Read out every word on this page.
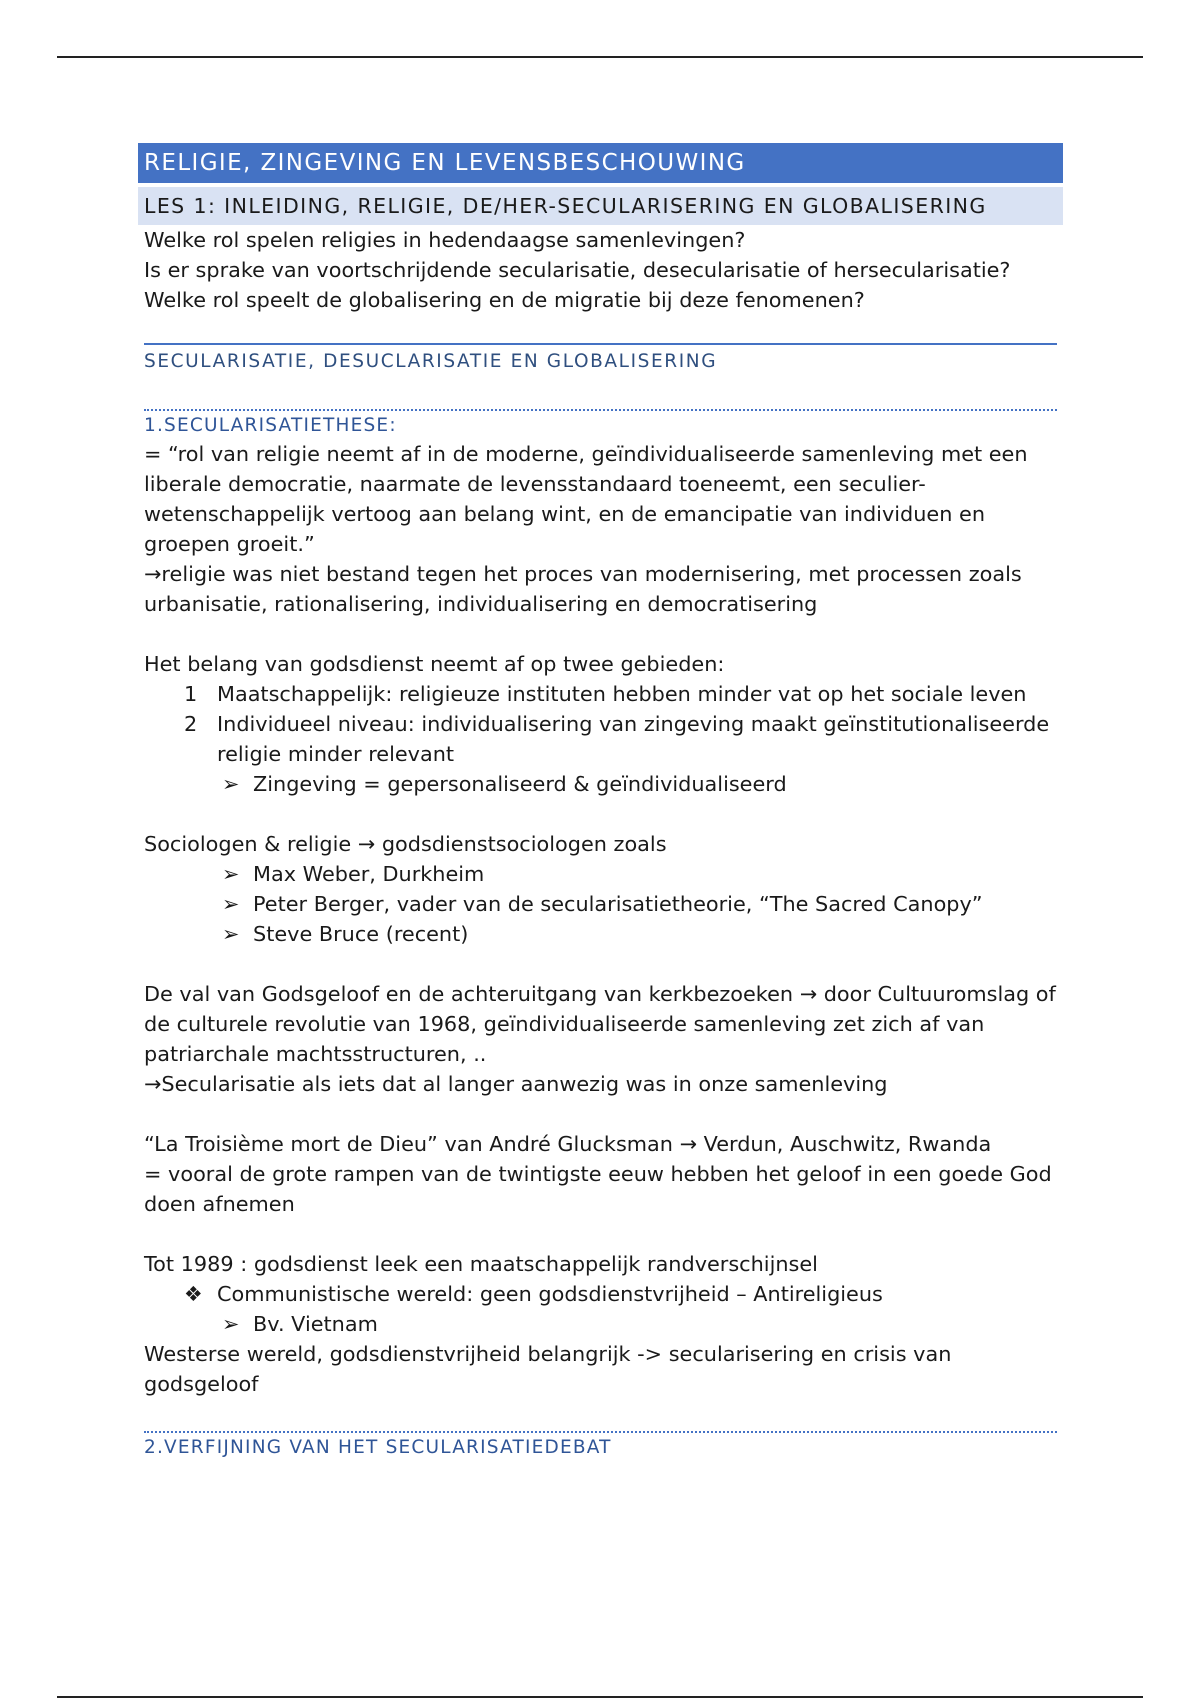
RELIGIE, ZINGEVING EN LEVENSBESCHOUWING
LES 1: INLEIDING, RELIGIE, DE/HER-SECULARISERING EN GLOBALISERING

Welke rol spelen religies in hedendaagse samenlevingen?

Is er sprake van voortschrijdende secularisatie, desecularisatie of hersecularisatie?

Welke rol speelt de globalisering en de migratie bij deze fenomenen?

SECULARISATIE, DESUCLARISATIE EN GLOBALISERING
1.SECULARISATIETHESE:

= “rol van religie neemt af in de moderne, geïndividualiseerde samenleving met een liberale democratie, naarmate de levensstandaard toeneemt, een seculier-wetenschappelijk vertoog aan belang wint, en de emancipatie van individuen en groepen groeit.”

→religie was niet bestand tegen het proces van modernisering, met processen zoals urbanisatie, rationalisering, individualisering en democratisering

Het belang van godsdienst neemt af op twee gebieden:

1 Maatschappelijk: religieuze instituten hebben minder vat op het sociale leven
2 Individueel niveau: individualisering van zingeving maakt geïnstitutionaliseerde religie minder relevant
➢ Zingeving = gepersonaliseerd & geïndividualiseerd

Sociologen & religie → godsdienstsociologen zoals

➢ Max Weber, Durkheim
➢ Peter Berger, vader van de secularisatietheorie, “The Sacred Canopy”
➢ Steve Bruce (recent)

De val van Godsgeloof en de achteruitgang van kerkbezoeken → door Cultuuromslag of de culturele revolutie van 1968, geïndividualiseerde samenleving zet zich af van patriarchale machtsstructuren, ..

→Secularisatie als iets dat al langer aanwezig was in onze samenleving

“La Troisième mort de Dieu” van André Glucksman → Verdun, Auschwitz, Rwanda

= vooral de grote rampen van de twintigste eeuw hebben het geloof in een goede God doen afnemen

Tot 1989 : godsdienst leek een maatschappelijk randverschijnsel

❖ Communistische wereld: geen godsdienstvrijheid – Antireligieus
➢ Bv. Vietnam

Westerse wereld, godsdienstvrijheid belangrijk -> secularisering en crisis van godsgeloof

2.VERFIJNING VAN HET SECULARISATIEDEBAT
